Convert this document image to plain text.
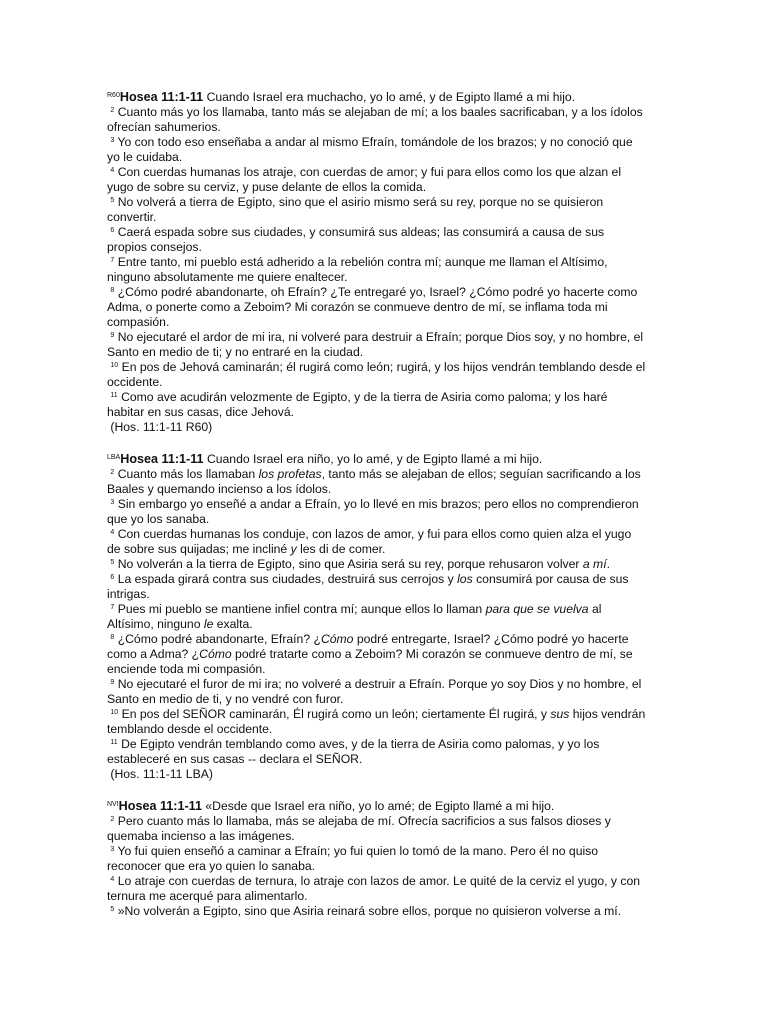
$^{R60}$Hosea 11:1-11 Cuando Israel era muchacho, yo lo amé, y de Egipto llamé a mi hijo.

$^2$ Cuanto más yo los llamaba, tanto más se alejaban de mí; a los baales sacrificaban, y a los ídolos

ofrecían sahumerios.

$^3$ Yo con todo eso enseñaba a andar al mismo Efraín, tomándole de los brazos; y no conoció que

yo le cuidaba.

$^4$ Con cuerdas humanas los atraje, con cuerdas de amor; y fui para ellos como los que alzan el

yugo de sobre su cerviz, y puse delante de ellos la comida.

$^5$ No volverá a tierra de Egipto, sino que el asirio mismo será su rey, porque no se quisieron

convertir.

$^6$ Caerá espada sobre sus ciudades, y consumirá sus aldeas; las consumirá a causa de sus

propios consejos.

$^7$ Entre tanto, mi pueblo está adherido a la rebelión contra mí; aunque me llaman el Altísimo,

ninguno absolutamente me quiere enaltecer.

$^8$ ¿Cómo podré abandonarte, oh Efraín? ¿Te entregaré yo, Israel? ¿Cómo podré yo hacerte como

Adma, o ponerte como a Zeboim? Mi corazón se conmueve dentro de mí, se inflama toda mi

compasión.

$^9$ No ejecutaré el ardor de mi ira, ni volveré para destruir a Efraín; porque Dios soy, y no hombre, el

Santo en medio de ti; y no entraré en la ciudad.

$^{10}$ En pos de Jehová caminarán; él rugirá como león; rugirá, y los hijos vendrán temblando desde el

occidente.

$^{11}$ Como ave acudirán velozmente de Egipto, y de la tierra de Asiria como paloma; y los haré

habitar en sus casas, dice Jehová.

(Hos. 11:1-11 R60)

$^{LBA}$Hosea 11:1-11 Cuando Israel era niño, yo lo amé, y de Egipto llamé a mi hijo.

$^2$ Cuanto más los llamaban los profetas, tanto más se alejaban de ellos; seguían sacrificando a los

Baales y quemando incienso a los ídolos.

$^3$ Sin embargo yo enseñé a andar a Efraín, yo lo llevé en mis brazos; pero ellos no comprendieron

que yo los sanaba.

$^4$ Con cuerdas humanas los conduje, con lazos de amor, y fui para ellos como quien alza el yugo

de sobre sus quijadas; me incliné y les di de comer.

$^5$ No volverán a la tierra de Egipto, sino que Asiria será su rey, porque rehusaron volver a mí.

$^6$ La espada girará contra sus ciudades, destruirá sus cerrojos y los consumirá por causa de sus

intrigas.

$^7$ Pues mi pueblo se mantiene infiel contra mí; aunque ellos lo llaman para que se vuelva al

Altísimo, ninguno le exalta.

$^8$ ¿Cómo podré abandonarte, Efraín? ¿Cómo podré entregarte, Israel? ¿Cómo podré yo hacerte

como a Adma? ¿Cómo podré tratarte como a Zeboim? Mi corazón se conmueve dentro de mí, se

enciende toda mi compasión.

$^9$ No ejecutaré el furor de mi ira; no volveré a destruir a Efraín. Porque yo soy Dios y no hombre, el

Santo en medio de ti, y no vendré con furor.

$^{10}$ En pos del SEÑOR caminarán, Él rugirá como un león; ciertamente Él rugirá, y sus hijos vendrán

temblando desde el occidente.

$^{11}$ De Egipto vendrán temblando como aves, y de la tierra de Asiria como palomas, y yo los

estableceré en sus casas -- declara el SEÑOR.

(Hos. 11:1-11 LBA)

$^{NVI}$Hosea 11:1-11 «Desde que Israel era niño, yo lo amé; de Egipto llamé a mi hijo.

$^2$ Pero cuanto más lo llamaba, más se alejaba de mí. Ofrecía sacrificios a sus falsos dioses y

quemaba incienso a las imágenes.

$^3$ Yo fui quien enseñó a caminar a Efraín; yo fui quien lo tomó de la mano. Pero él no quiso

reconocer que era yo quien lo sanaba.

$^4$ Lo atraje con cuerdas de ternura, lo atraje con lazos de amor. Le quité de la cerviz el yugo, y con

ternura me acerqué para alimentarlo.

$^5$ »No volverán a Egipto, sino que Asiria reinará sobre ellos, porque no quisieron volverse a mí.
